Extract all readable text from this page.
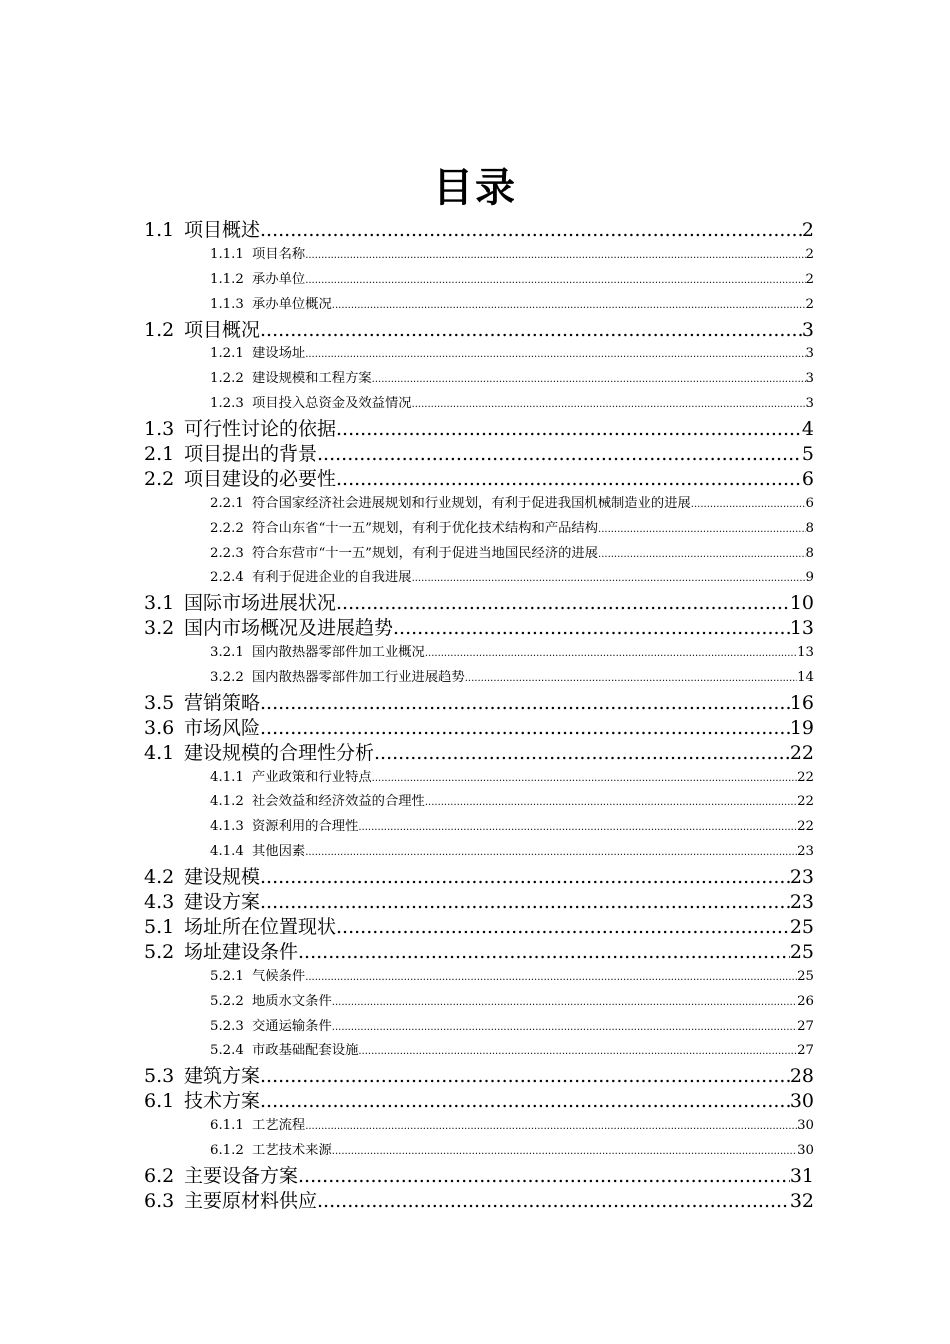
目录
1.1 项目概述 .....	2
1.1.1 项目名称 .....	2
1.1.2 承办单位 .....	2
1.1.3 承办单位概况 .....	2
1.2 项目概况 .....	3
1.2.1 建设场址 .....	3
1.2.2 建设规模和工程方案 .....	3
1.2.3 项目投入总资金及效益情况 .....	3
1.3 可行性讨论的依据 .....	4
2.1 项目提出的背景 .....	5
2.2 项目建设的必要性 .....	6
2.2.1 符合国家经济社会进展规划和行业规划，有利于促进我国机械制造业的进展 .....	6
2.2.2 符合山东省“十一五”规划，有利于优化技术结构和产品结构 .....	8
2.2.3 符合东营市“十一五”规划，有利于促进当地国民经济的进展 .....	8
2.2.4 有利于促进企业的自我进展 .....	9
3.1 国际市场进展状况 .....	10
3.2 国内市场概况及进展趋势 .....	13
3.2.1 国内散热器零部件加工业概况 .....	13
3.2.2 国内散热器零部件加工行业进展趋势 .....	14
3.5 营销策略 .....	16
3.6 市场风险 .....	19
4.1 建设规模的合理性分析 .....	22
4.1.1 产业政策和行业特点 .....	22
4.1.2 社会效益和经济效益的合理性 .....	22
4.1.3 资源利用的合理性 .....	22
4.1.4 其他因素 .....	23
4.2 建设规模 .....	23
4.3 建设方案 .....	23
5.1 场址所在位置现状 .....	25
5.2 场址建设条件 .....	25
5.2.1 气候条件 .....	25
5.2.2 地质水文条件 .....	26
5.2.3 交通运输条件 .....	27
5.2.4 市政基础配套设施 .....	27
5.3 建筑方案 .....	28
6.1 技术方案 .....	30
6.1.1 工艺流程 .....	30
6.1.2 工艺技术来源 .....	30
6.2 主要设备方案 .....	31
6.3 主要原材料供应 .....	32
